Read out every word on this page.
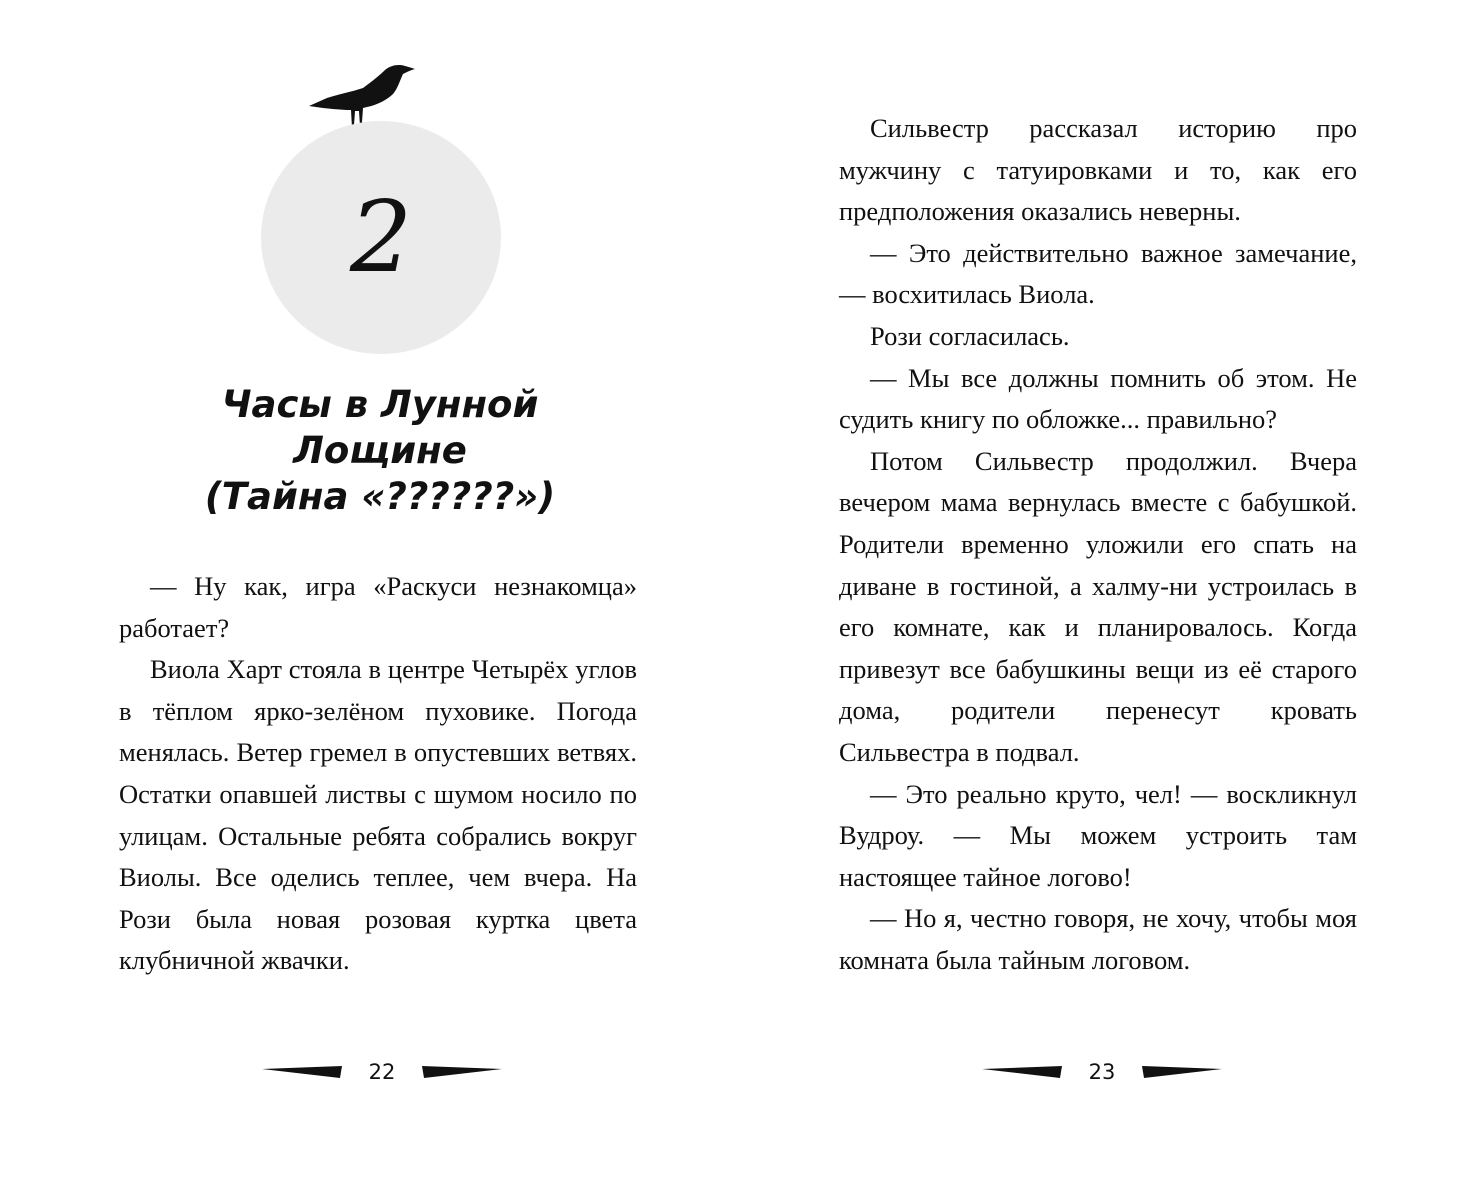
2
Часы в Лунной
Лощине
(Тайна «??????»)

— Ну как, игра «Раскуси незнакомца» работает?

Виола Харт стояла в центре Четырёх углов в тёплом ярко-зелёном пуховике. Погода менялась. Ветер гремел в опустевших ветвях. Остатки опавшей листвы с шумом носило по улицам. Остальные ребята собрались вокруг Виолы. Все оделись теплее, чем вчера. На Рози была новая розовая куртка цвета клубничной жвачки.

22

Сильвестр рассказал историю про мужчину с татуировками и то, как его предположения оказались неверны.

— Это действительно важное замечание, — восхитилась Виола.

Рози согласилась.

— Мы все должны помнить об этом. Не судить книгу по обложке... правильно?

Потом Сильвестр продолжил. Вчера вечером мама вернулась вместе с бабушкой. Родители временно уложили его спать на диване в гостиной, а халму-ни устроилась в его комнате, как и планировалось. Когда привезут все бабушкины вещи из её старого дома, родители перенесут кровать Сильвестра в подвал.

— Это реально круто, чел! — воскликнул Вудроу. — Мы можем устроить там настоящее тайное логово!

— Но я, честно говоря, не хочу, чтобы моя комната была тайным логовом.

23
